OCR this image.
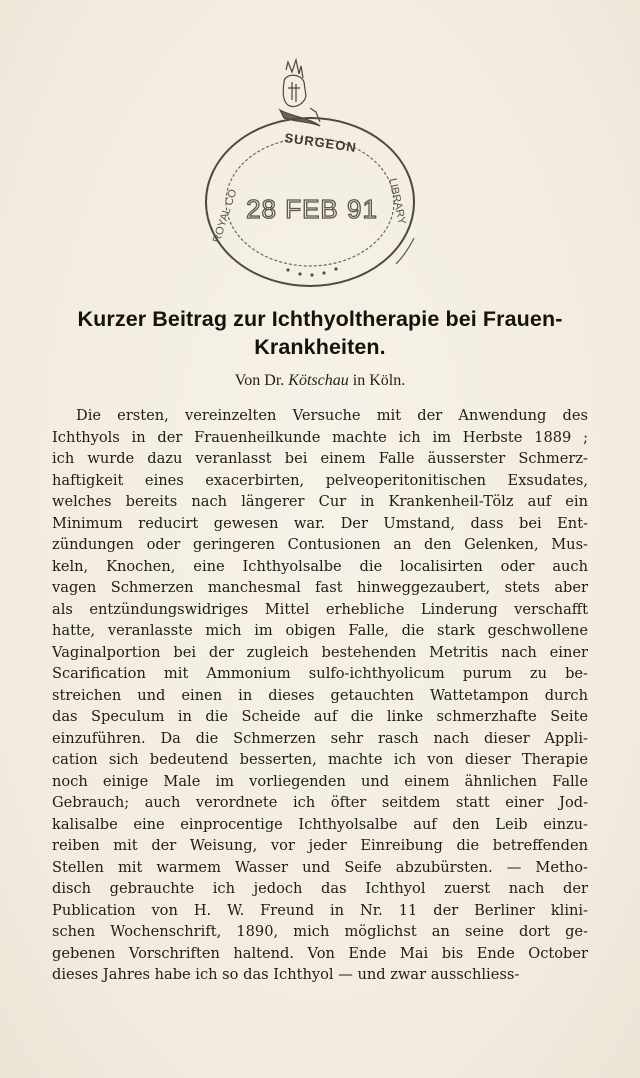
SURGEON
ROYAL CO	LIBRARY
28 FEB 91
Kurzer Beitrag zur Ichthyoltherapie bei Frauen-
Krankheiten.
Von Dr. Kötschau in Köln.
Die ersten, vereinzelten Versuche mit der Anwendung des
Ichthyols in der Frauenheilkunde machte ich im Herbste 1889 ;
ich wurde dazu veranlasst bei einem Falle äusserster Schmerz-
haftigkeit eines exacerbirten, pelveoperitonitischen Exsudates,
welches bereits nach längerer Cur in Krankenheil-Tölz auf ein
Minimum reducirt gewesen war. Der Umstand, dass bei Ent-
zündungen oder geringeren Contusionen an den Gelenken, Mus-
keln, Knochen, eine Ichthyolsalbe die localisirten oder auch
vagen Schmerzen manchesmal fast hinweggezaubert, stets aber
als entzündungswidriges Mittel erhebliche Linderung verschafft
hatte, veranlasste mich im obigen Falle, die stark geschwollene
Vaginalportion bei der zugleich bestehenden Metritis nach einer
Scarification mit Ammonium sulfo-ichthyolicum purum zu be-
streichen und einen in dieses getauchten Wattetampon durch
das Speculum in die Scheide auf die linke schmerzhafte Seite
einzuführen. Da die Schmerzen sehr rasch nach dieser Appli-
cation sich bedeutend besserten, machte ich von dieser Therapie
noch einige Male im vorliegenden und einem ähnlichen Falle
Gebrauch; auch verordnete ich öfter seitdem statt einer Jod-
kalisalbe eine einprocentige Ichthyolsalbe auf den Leib einzu-
reiben mit der Weisung, vor jeder Einreibung die betreffenden
Stellen mit warmem Wasser und Seife abzubürsten. — Metho-
disch gebrauchte ich jedoch das Ichthyol zuerst nach der
Publication von H. W. Freund in Nr. 11 der Berliner klini-
schen Wochenschrift, 1890, mich möglichst an seine dort ge-
gebenen Vorschriften haltend. Von Ende Mai bis Ende October
dieses Jahres habe ich so das Ichthyol — und zwar ausschliess-
